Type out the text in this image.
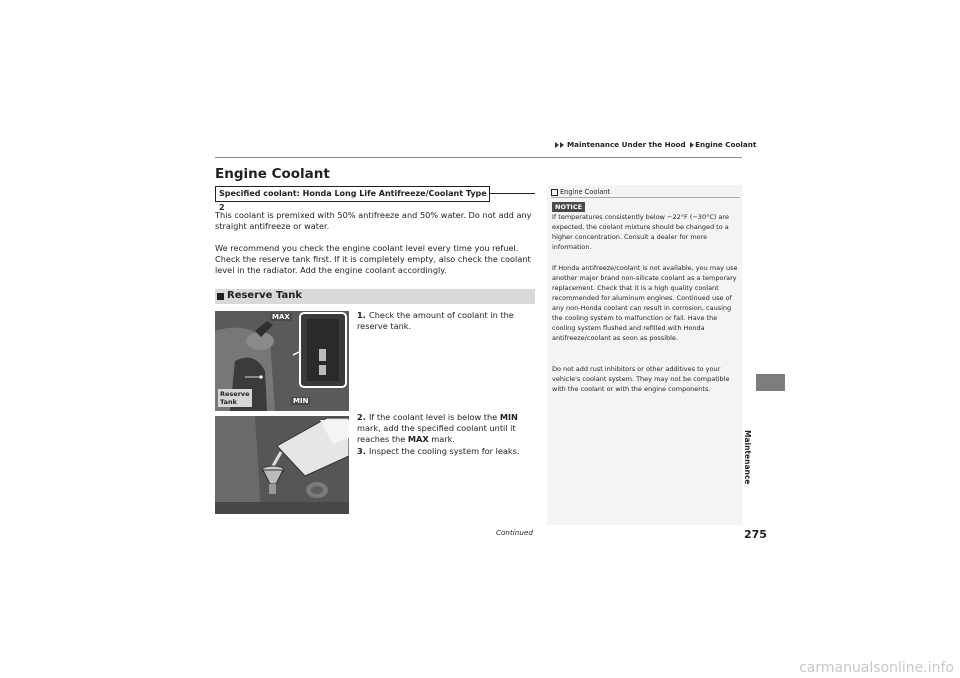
Maintenance Under the Hood Engine Coolant
Engine Coolant
Specified coolant: Honda Long Life Antifreeze/Coolant Type 2
This coolant is premixed with 50% antifreeze and 50% water. Do not add any straight antifreeze or water.
We recommend you check the engine coolant level every time you refuel. Check the reserve tank first. If it is completely empty, also check the coolant level in the radiator. Add the engine coolant accordingly.
Reserve Tank
MAX
MIN
Reserve
Tank
1. Check the amount of coolant in the reserve tank.
2. If the coolant level is below the MIN mark, add the specified coolant until it reaches the MAX mark.
3. Inspect the cooling system for leaks.
Engine Coolant
NOTICE
If temperatures consistently below −22°F (−30°C) are expected, the coolant mixture should be changed to a higher concentration. Consult a dealer for more information.
If Honda antifreeze/coolant is not available, you may use another major brand non-silicate coolant as a temporary replacement. Check that it is a high quality coolant recommended for aluminum engines. Continued use of any non-Honda coolant can result in corrosion, causing the cooling system to malfunction or fail. Have the cooling system flushed and refilled with Honda antifreeze/coolant as soon as possible.
Do not add rust inhibitors or other additives to your vehicle's coolant system. They may not be compatible with the coolant or with the engine components.
Maintenance
Continued	275
carmanualsonline.info
